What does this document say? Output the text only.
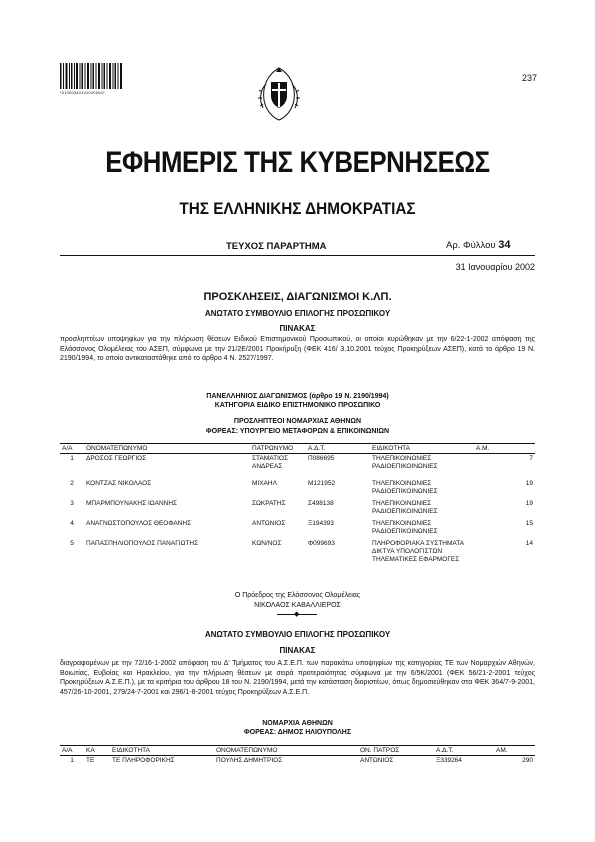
*01000340101020004*
237
ΕΦΗΜΕΡΙΣ ΤΗΣ ΚΥΒΕΡΝΗΣΕΩΣ
ΤΗΣ ΕΛΛΗΝΙΚΗΣ ΔΗΜΟΚΡΑΤΙΑΣ
ΤΕΥΧΟΣ ΠΑΡΑΡΤΗΜΑ	Αρ. Φύλλου 34
31 Ιανουαρίου 2002
ΠΡΟΣΚΛΗΣΕΙΣ, ΔΙΑΓΩΝΙΣΜΟΙ Κ.ΛΠ.
ΑΝΩΤΑΤΟ ΣΥΜΒΟΥΛΙΟ ΕΠΙΛΟΓΗΣ ΠΡΟΣΩΠΙΚΟΥ
ΠΙΝΑΚΑΣ
προσληπτέων υποψηφίων για την πλήρωση θέσεων Ειδικού Επιστημονικού Προσωπικού, οι οποίοι κυρώθηκαν με την 6/22-1-2002 απόφαση της Ελάσσονος Ολομέλειας του ΑΣΕΠ, σύμφωνα με την 21/2Ε/2001 Προκήρυξη (ΦΕΚ 416/ 3.10.2001 τεύχος Προκηρύξεων ΑΣΕΠ), κατά το άρθρο 19 Ν. 2190/1994, το οποίο αντικαταστάθηκε από το άρθρο 4 Ν. 2527/1997.
ΠΑΝΕΛΛΗΝΙΟΣ ΔΙΑΓΩΝΙΣΜΟΣ (άρθρο 19 Ν. 2190/1994)
ΚΑΤΗΓΟΡΙΑ ΕΙΔΙΚΟ ΕΠΙΣΤΗΜΟΝΙΚΟ ΠΡΟΣΩΠΙΚΟ
ΠΡΟΣΛΗΠΤΕΟΙ ΝΟΜΑΡΧΙΑΣ ΑΘΗΝΩΝ
ΦΟΡΕΑΣ: ΥΠΟΥΡΓΕΙΟ ΜΕΤΑΦΟΡΩΝ & ΕΠΙΚΟΙΝΩΝΙΩΝ
Α/Α	ΟΝΟΜΑΤΕΠΩΝΥΜΟ	ΠΑΤΡΩΝΥΜΟ	Α.Δ.Τ.	ΕΙΔΙΚΟΤΗΤΑ	Α.Μ.
1	ΔΡΟΣΟΣ ΓΕΩΡΓΙΟΣ	ΣΤΑΜΑΤΙΟΣ ΑΝΔΡΕΑΣ	Π086695	ΤΗΛΕΠΙΚΟΙΝΩΝΙΕΣ ΡΑΔΙΟΕΠΙΚΟΙΝΩΝΙΕΣ	7
2	ΚΟΝΤΖΑΣ ΝΙΚΟΛΑΟΣ	ΜΙΧΑΗΛ	Μ121952	ΤΗΛΕΠΙΚΟΙΝΩΝΙΕΣ ΡΑΔΙΟΕΠΙΚΟΙΝΩΝΙΕΣ	19
3	ΜΠΑΡΜΠΟΥΝΑΚΗΣ ΙΩΑΝΝΗΣ	ΣΩΚΡΑΤΗΣ	Σ498138	ΤΗΛΕΠΙΚΟΙΝΩΝΙΕΣ ΡΑΔΙΟΕΠΙΚΟΙΝΩΝΙΕΣ	19
4	ΑΝΑΓΝΩΣΤΟΠΟΥΛΟΣ ΘΕΟΦΑΝΗΣ	ΑΝΤΩΝΙΟΣ	Ξ194393	ΤΗΛΕΠΙΚΟΙΝΩΝΙΕΣ ΡΑΔΙΟΕΠΙΚΟΙΝΩΝΙΕΣ	15
5	ΠΑΠΑΣΠΗΛΙΟΠΟΥΛΟΣ ΠΑΝΑΓΙΩΤΗΣ	ΚΩΝ/ΝΟΣ	Φ099693	ΠΛΗΡΟΦΟΡΙΑΚΑ ΣΥΣΤΗΜΑΤΑ ΔΙΚΤΥΑ ΥΠΟΛΟΓΙΣΤΩΝ ΤΗΛΕΜΑΤΙΚΕΣ ΕΦΑΡΜΟΓΕΣ	14
Ο Πρόεδρος της Ελάσσονος Ολομέλειας
ΝΙΚΟΛΑΟΣ ΚΑΒΑΛΛΙΕΡΟΣ
◆
ΑΝΩΤΑΤΟ ΣΥΜΒΟΥΛΙΟ ΕΠΙΛΟΓΗΣ ΠΡΟΣΩΠΙΚΟΥ
ΠΙΝΑΚΑΣ
διαγραφομένων με την 72/16-1-2002 απόφαση του Δ' Τμήματος του Α.Σ.Ε.Π. των παρακάτω υποψηφίων της κατηγορίας ΤΕ των Νομαρχιών Αθηνών, Βοιωτίας, Ευβοίας και Ηρακλείου, για την πλήρωση θέσεων με σειρά προτεραιότητας σύμφωνα με την 6/5Κ/2001 (ΦΕΚ 56/21-2-2001 τεύχος Προκηρύξεων Α.Σ.Ε.Π.), με τα κριτήρια του άρθρου 18 του Ν. 2190/1994, μετά την κατάσταση διοριστέων, όπως δημοσιεύθηκαν στα ΦΕΚ 364/7-9-2001, 457/26-10-2001, 279/24-7-2001 και 296/1-8-2001 τεύχος Προκηρύξεων Α.Σ.Ε.Π.
ΝΟΜΑΡΧΙΑ ΑΘΗΝΩΝ
ΦΟΡΕΑΣ: ΔΗΜΟΣ ΗΛΙΟΥΠΟΛΗΣ
Α/Α	ΚΑ	ΕΙΔΙΚΟΤΗΤΑ	ΟΝΟΜΑΤΕΠΩΝΥΜΟ	ΟΝ. ΠΑΤΡΟΣ	Α.Δ.Τ.	ΑΜ.
1	ΤΕ	ΤΕ ΠΛΗΡΟΦΟΡΙΚΗΣ	ΠΟΥΛΗΣ ΔΗΜΗΤΡΙΟΣ	ΑΝΤΩΝΙΟΣ	Ξ339264	290
